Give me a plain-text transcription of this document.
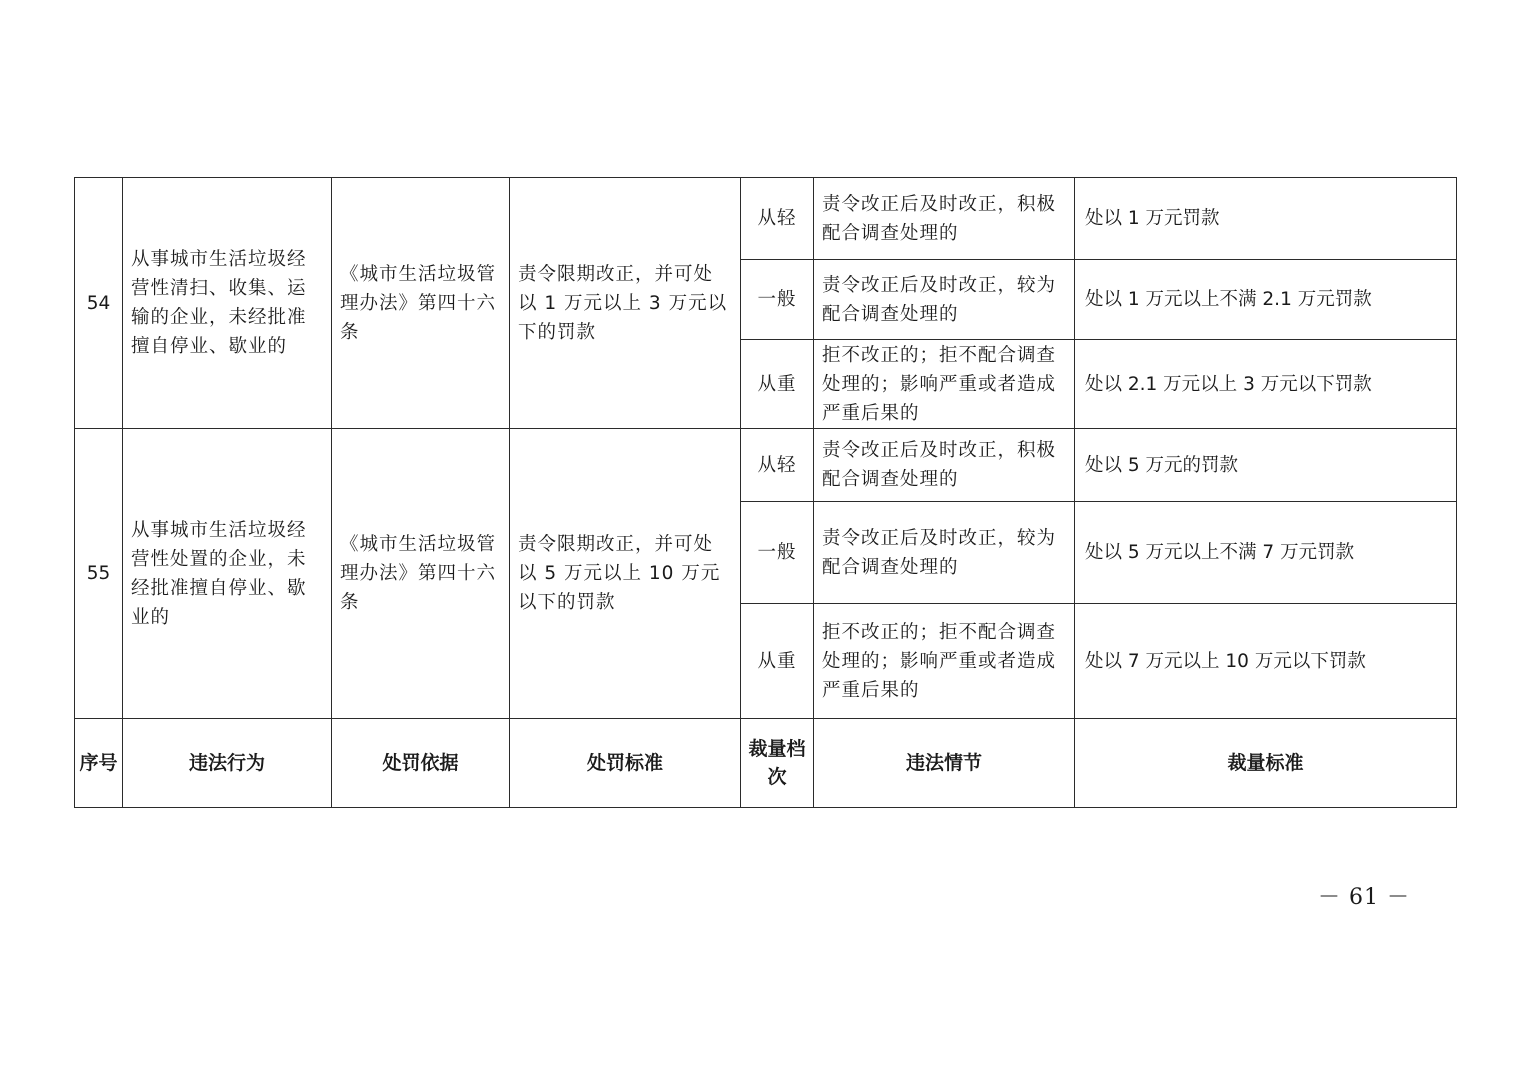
54	从事城市生活垃圾经营性清扫、收集、运输的企业，未经批准擅自停业、歇业的	《城市生活垃圾管理办法》第四十六条	责令限期改正，并可处以 1 万元以上 3 万元以下的罚款	从轻	责令改正后及时改正，积极配合调查处理的	处以 1 万元罚款
				一般	责令改正后及时改正，较为配合调查处理的	处以 1 万元以上不满 2.1 万元罚款
				从重	拒不改正的；拒不配合调查处理的；影响严重或者造成严重后果的	处以 2.1 万元以上 3 万元以下罚款
55	从事城市生活垃圾经营性处置的企业，未经批准擅自停业、歇业的	《城市生活垃圾管理办法》第四十六条	责令限期改正，并可处以 5 万元以上 10 万元以下的罚款	从轻	责令改正后及时改正，积极配合调查处理的	处以 5 万元的罚款
				一般	责令改正后及时改正，较为配合调查处理的	处以 5 万元以上不满 7 万元罚款
				从重	拒不改正的；拒不配合调查处理的；影响严重或者造成严重后果的	处以 7 万元以上 10 万元以下罚款
序号	违法行为	处罚依据	处罚标准	裁量档次	违法情节	裁量标准
－ 61 －
